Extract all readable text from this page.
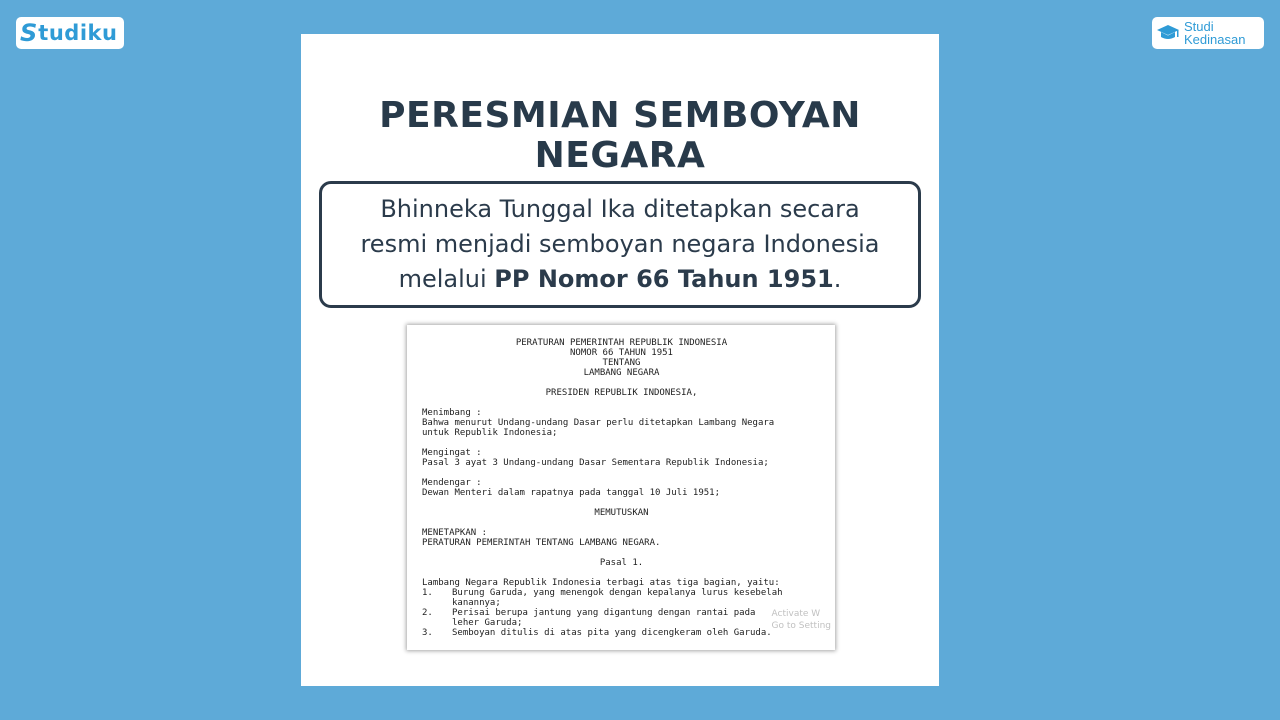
S tudiku	Studi
Kedinasan
PERESMIAN SEMBOYAN
NEGARA
Bhinneka Tunggal Ika ditetapkan secara
resmi menjadi semboyan negara Indonesia
melalui PP Nomor 66 Tahun 1951.
PERATURAN PEMERINTAH REPUBLIK INDONESIA
NOMOR 66 TAHUN 1951
TENTANG
LAMBANG NEGARA
PRESIDEN REPUBLIK INDONESIA,
Menimbang :
Bahwa menurut Undang-undang Dasar perlu ditetapkan Lambang Negara
untuk Republik Indonesia;
Mengingat :
Pasal 3 ayat 3 Undang-undang Dasar Sementara Republik Indonesia;
Mendengar :
Dewan Menteri dalam rapatnya pada tanggal 10 Juli 1951;
MEMUTUSKAN
MENETAPKAN :
PERATURAN PEMERINTAH TENTANG LAMBANG NEGARA.
Pasal 1.
Lambang Negara Republik Indonesia terbagi atas tiga bagian, yaitu:
1.	Burung Garuda, yang menengok dengan kepalanya lurus kesebelah
kanannya;
2.	Perisai berupa jantung yang digantung dengan rantai pada
leher Garuda;
3.	Semboyan ditulis di atas pita yang dicengkeram oleh Garuda.
Activate W
Go to Setting
